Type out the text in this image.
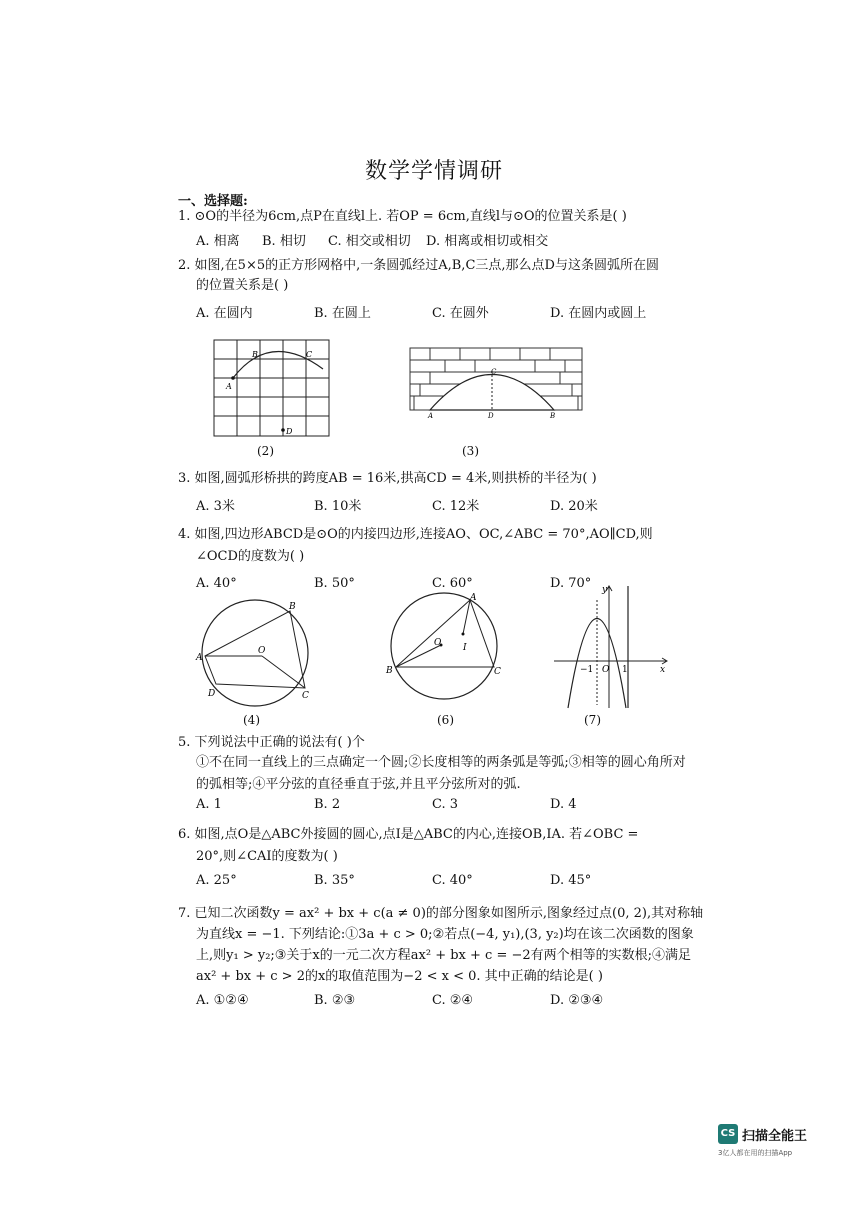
数学学情调研
一、选择题:
1. ⊙O的半径为6cm,点P在直线l上. 若OP = 6cm,直线l与⊙O的位置关系是( )
A. 相离 B. 相切 C. 相交或相切 D. 相离或相切或相交
2. 如图,在5×5的正方形网格中,一条圆弧经过A,B,C三点,那么点D与这条圆弧所在圆
的位置关系是( )
A. 在圆内	B. 在圆上	C. 在圆外	D. 在圆内或圆上
A
B	C
D
(2)
A	B
C
D
(3)
3. 如图,圆弧形桥拱的跨度AB = 16米,拱高CD = 4米,则拱桥的半径为( )
A. 3米	B. 10米	C. 12米	D. 20米
4. 如图,四边形ABCD是⊙O的内接四边形,连接AO、OC,∠ABC = 70°,AO∥CD,则
∠OCD的度数为( )
A. 40°	B. 50°	C. 60°	D. 70°
A
B
C
D
O
(4)
A
B	C
O I
(6)
y
x
−1 O 1
(7)
5. 下列说法中正确的说法有( )个
①不在同一直线上的三点确定一个圆;②长度相等的两条弧是等弧;③相等的圆心角所对
的弧相等;④平分弦的直径垂直于弦,并且平分弦所对的弧.
A. 1	B. 2	C. 3	D. 4
6. 如图,点O是△ABC外接圆的圆心,点I是△ABC的内心,连接OB,IA. 若∠OBC =
20°,则∠CAI的度数为( )
A. 25°	B. 35°	C. 40°	D. 45°
7. 已知二次函数y = ax² + bx + c(a ≠ 0)的部分图象如图所示,图象经过点(0, 2),其对称轴
为直线x = −1. 下列结论:①3a + c > 0;②若点(−4, y₁),(3, y₂)均在该二次函数的图象
上,则y₁ > y₂;③关于x的一元二次方程ax² + bx + c = −2有两个相等的实数根;④满足
ax² + bx + c > 2的x的取值范围为−2 < x < 0. 其中正确的结论是( )
A. ①②④	B. ②③	C. ②④	D. ②③④
CS 扫描全能王
3亿人都在用的扫描App
